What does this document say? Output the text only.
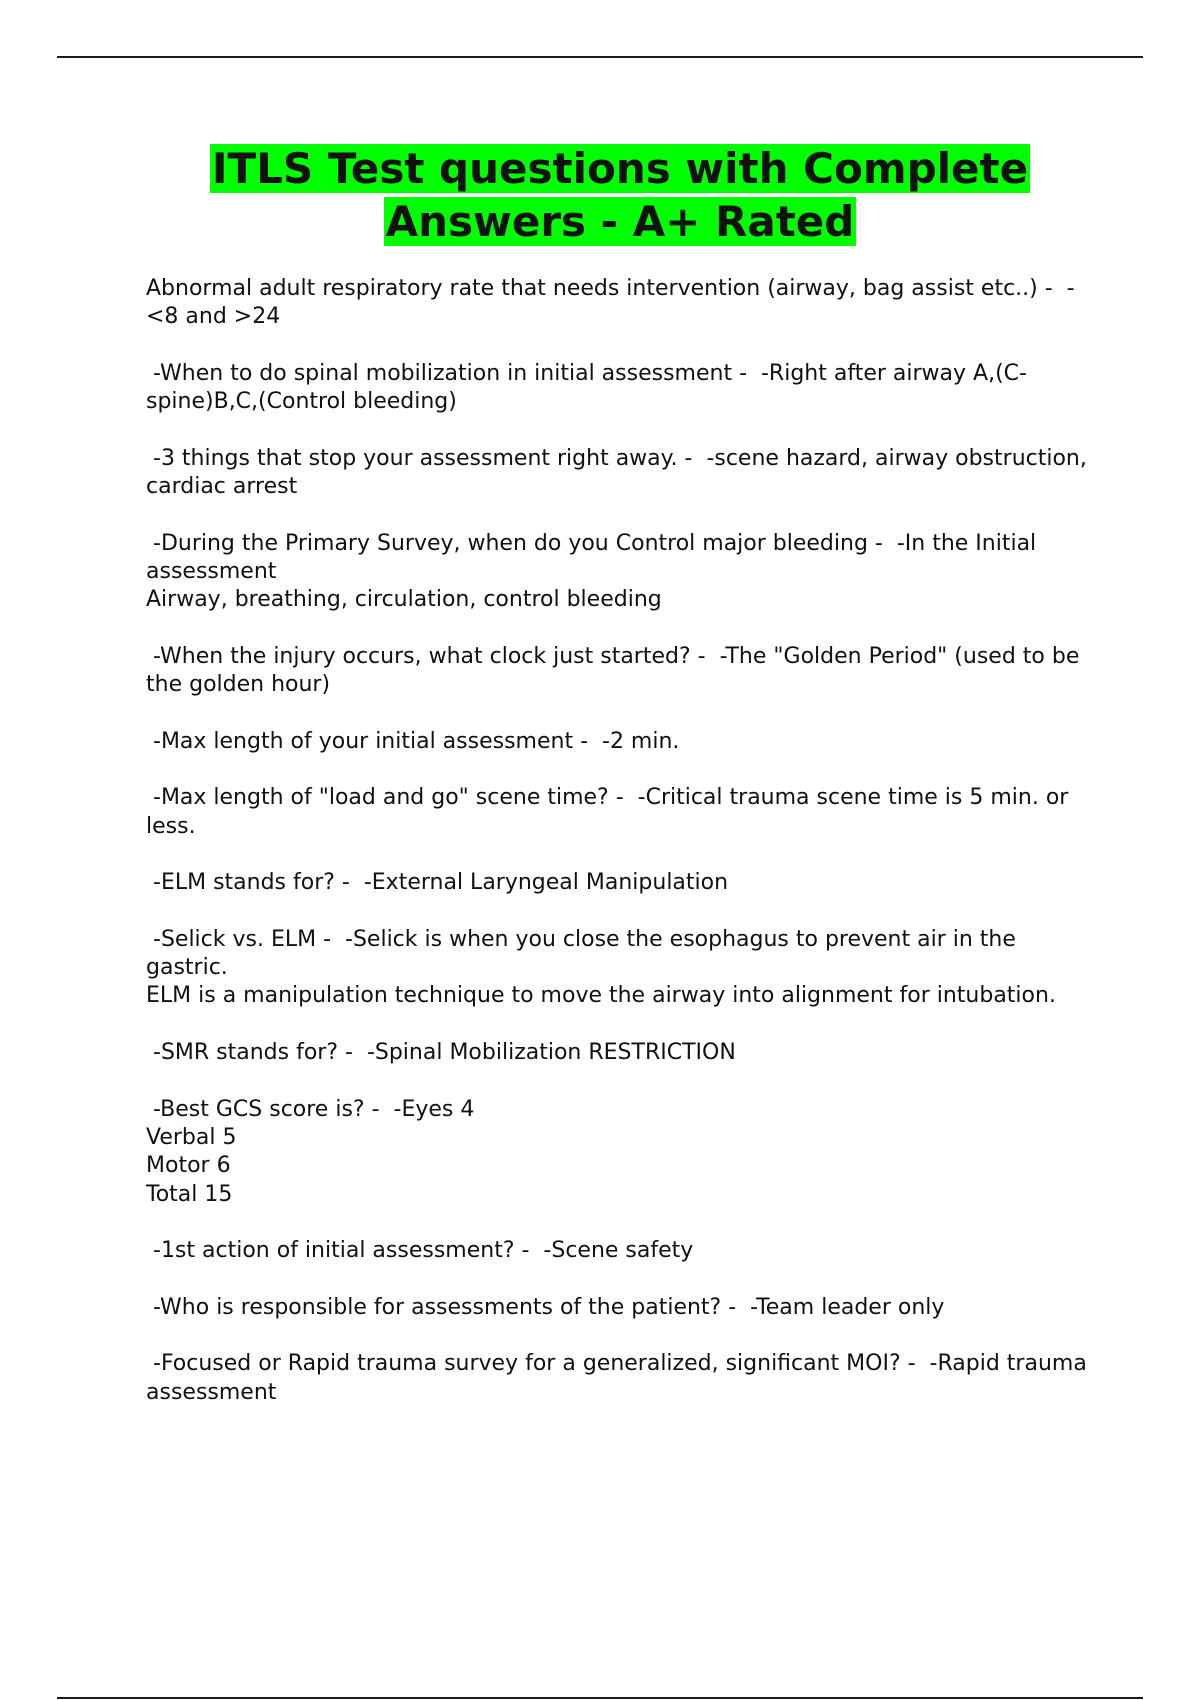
ITLS Test questions with Complete
Answers - A+ Rated

Abnormal adult respiratory rate that needs intervention (airway, bag assist etc..) -  -<8 and >24

-When to do spinal mobilization in initial assessment -  -Right after airway A,(C-spine)B,C,(Control bleeding)

-3 things that stop your assessment right away. -  -scene hazard, airway obstruction, cardiac arrest

-During the Primary Survey, when do you Control major bleeding -  -In the Initial assessment

Airway, breathing, circulation, control bleeding

-When the injury occurs, what clock just started? -  -The "Golden Period" (used to be the golden hour)

-Max length of your initial assessment -  -2 min.

-Max length of "load and go" scene time? -  -Critical trauma scene time is 5 min. or less.

-ELM stands for? -  -External Laryngeal Manipulation

-Selick vs. ELM -  -Selick is when you close the esophagus to prevent air in the gastric.

ELM is a manipulation technique to move the airway into alignment for intubation.

-SMR stands for? -  -Spinal Mobilization RESTRICTION

-Best GCS score is? -  -Eyes 4

Verbal 5

Motor 6

Total 15

-1st action of initial assessment? -  -Scene safety

-Who is responsible for assessments of the patient? -  -Team leader only

-Focused or Rapid trauma survey for a generalized, significant MOI? -  -Rapid trauma assessment
